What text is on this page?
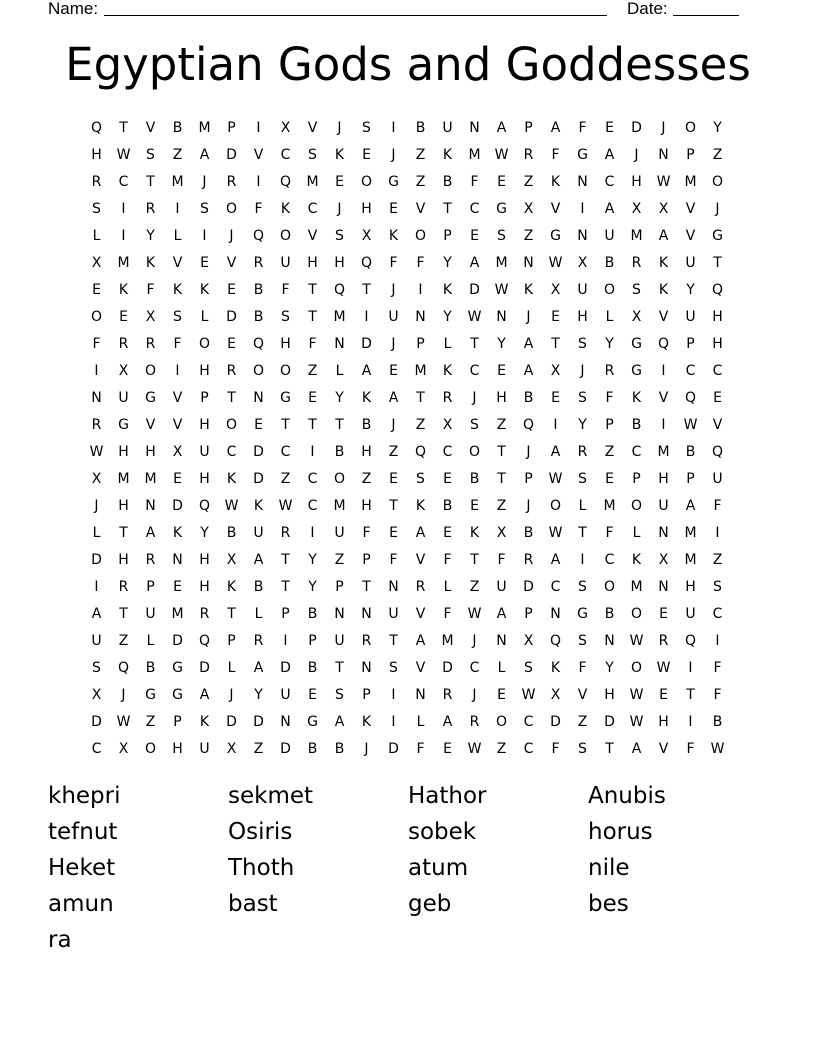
Name:	Date:
Egyptian Gods and Goddesses
Q	T	V	B	M	P	I	X	V	J	S	I	B	U	N	A	P	A	F	E	D	J	O	Y
H	W	S	Z	A	D	V	C	S	K	E	J	Z	K	M	W	R	F	G	A	J	N	P	Z
R	C	T	M	J	R	I	Q	M	E	O	G	Z	B	F	E	Z	K	N	C	H	W	M	O
S	I	R	I	S	O	F	K	C	J	H	E	V	T	C	G	X	V	I	A	X	X	V	J
L	I	Y	L	I	J	Q	O	V	S	X	K	O	P	E	S	Z	G	N	U	M	A	V	G
X	M	K	V	E	V	R	U	H	H	Q	F	F	Y	A	M	N	W	X	B	R	K	U	T
E	K	F	K	K	E	B	F	T	Q	T	J	I	K	D	W	K	X	U	O	S	K	Y	Q
O	E	X	S	L	D	B	S	T	M	I	U	N	Y	W	N	J	E	H	L	X	V	U	H
F	R	R	F	O	E	Q	H	F	N	D	J	P	L	T	Y	A	T	S	Y	G	Q	P	H
I	X	O	I	H	R	O	O	Z	L	A	E	M	K	C	E	A	X	J	R	G	I	C	C
N	U	G	V	P	T	N	G	E	Y	K	A	T	R	J	H	B	E	S	F	K	V	Q	E
R	G	V	V	H	O	E	T	T	T	B	J	Z	X	S	Z	Q	I	Y	P	B	I	W	V
W	H	H	X	U	C	D	C	I	B	H	Z	Q	C	O	T	J	A	R	Z	C	M	B	Q
X	M	M	E	H	K	D	Z	C	O	Z	E	S	E	B	T	P	W	S	E	P	H	P	U
J	H	N	D	Q	W	K	W	C	M	H	T	K	B	E	Z	J	O	L	M	O	U	A	F
L	T	A	K	Y	B	U	R	I	U	F	E	A	E	K	X	B	W	T	F	L	N	M	I
D	H	R	N	H	X	A	T	Y	Z	P	F	V	F	T	F	R	A	I	C	K	X	M	Z
I	R	P	E	H	K	B	T	Y	P	T	N	R	L	Z	U	D	C	S	O	M	N	H	S
A	T	U	M	R	T	L	P	B	N	N	U	V	F	W	A	P	N	G	B	O	E	U	C
U	Z	L	D	Q	P	R	I	P	U	R	T	A	M	J	N	X	Q	S	N	W	R	Q	I
S	Q	B	G	D	L	A	D	B	T	N	S	V	D	C	L	S	K	F	Y	O	W	I	F
X	J	G	G	A	J	Y	U	E	S	P	I	N	R	J	E	W	X	V	H	W	E	T	F
D	W	Z	P	K	D	D	N	G	A	K	I	L	A	R	O	C	D	Z	D	W	H	I	B
C	X	O	H	U	X	Z	D	B	B	J	D	F	E	W	Z	C	F	S	T	A	V	F	W
khepri	sekmet	Hathor	Anubis
tefnut	Osiris	sobek	horus
Heket	Thoth	atum	nile
amun	bast	geb	bes
ra
